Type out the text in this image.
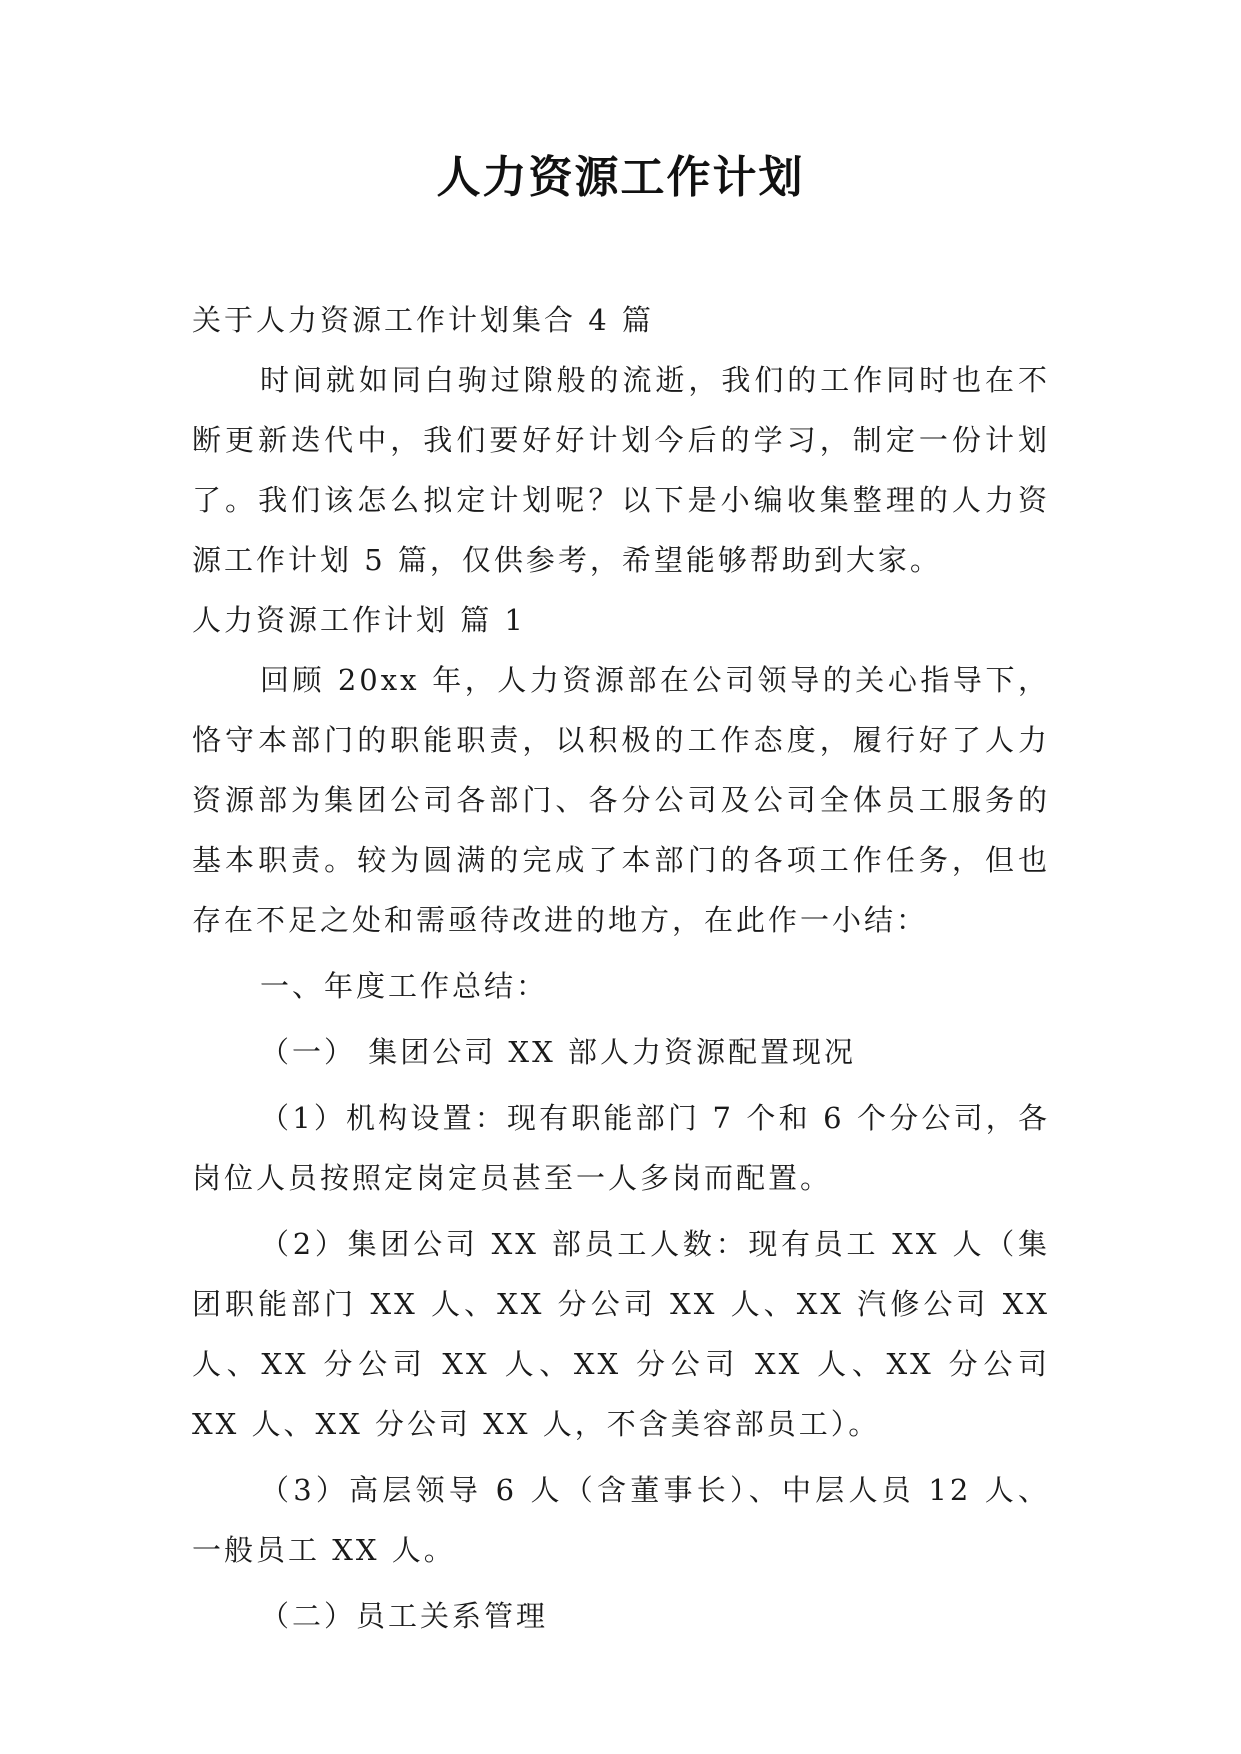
人力资源工作计划

关于人力资源工作计划集合 4 篇

时间就如同白驹过隙般的流逝，我们的工作同时也在不断更新迭代中，我们要好好计划今后的学习，制定一份计划了。我们该怎么拟定计划呢？以下是小编收集整理的人力资源工作计划 5 篇，仅供参考，希望能够帮助到大家。

人力资源工作计划 篇 1

回顾 20xx 年，人力资源部在公司领导的关心指导下，恪守本部门的职能职责，以积极的工作态度，履行好了人力资源部为集团公司各部门、各分公司及公司全体员工服务的基本职责。较为圆满的完成了本部门的各项工作任务，但也存在不足之处和需亟待改进的地方，在此作一小结：

一、年度工作总结：

（一） 集团公司 XX 部人力资源配置现况

（1）机构设置：现有职能部门 7 个和 6 个分公司，各岗位人员按照定岗定员甚至一人多岗而配置。

（2）集团公司 XX 部员工人数：现有员工 XX 人（集团职能部门 XX 人、XX 分公司 XX 人、XX 汽修公司 XX 人、XX 分公司 XX 人、XX 分公司 XX 人、XX 分公司 XX 人、XX 分公司 XX 人，不含美容部员工）。

（3）高层领导 6 人（含董事长）、中层人员 12 人、一般员工 XX 人。

（二）员工关系管理
